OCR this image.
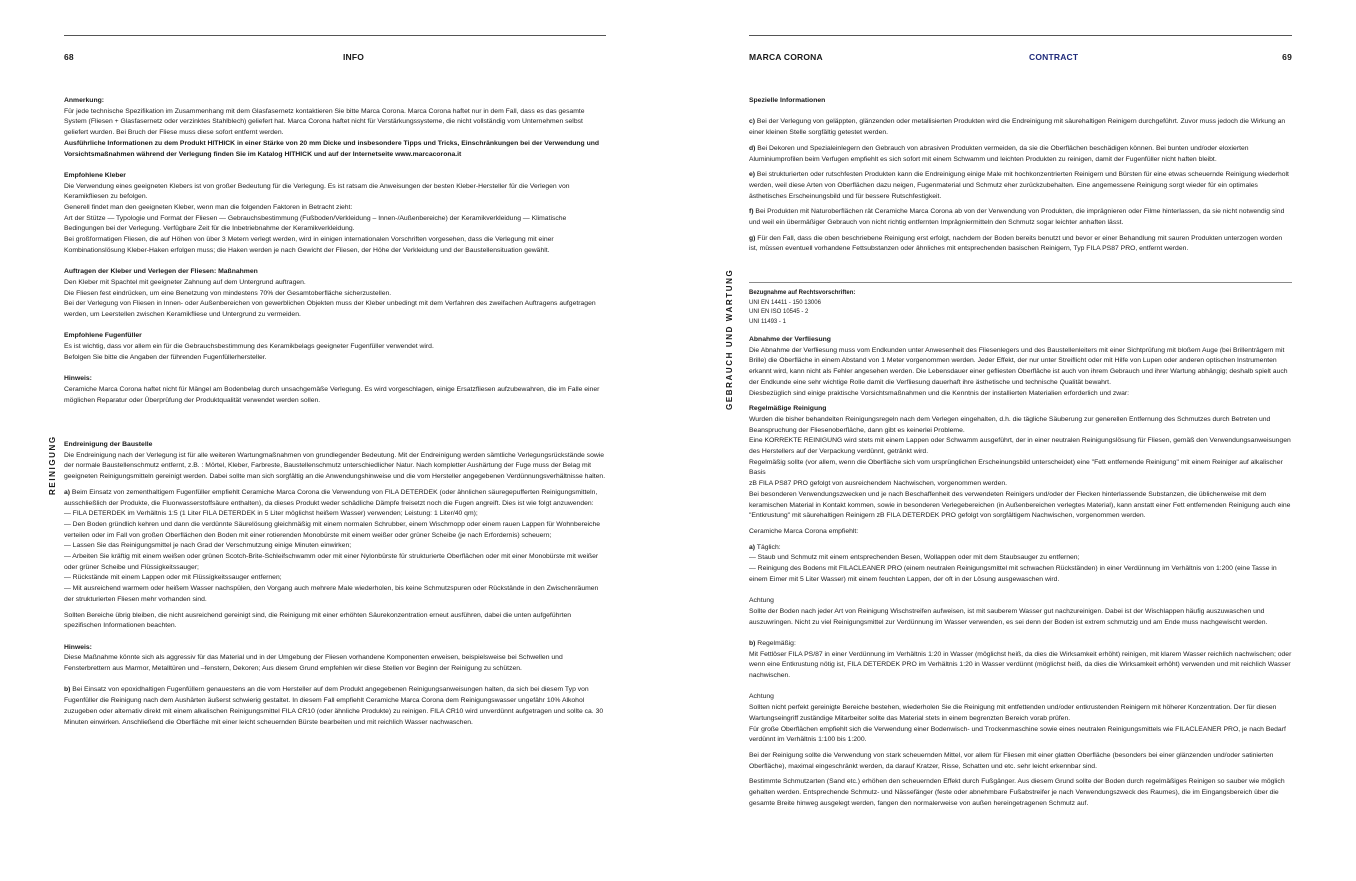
68	INFO

Anmerkung:

Für jede technische Spezifikation im Zusammenhang mit dem Glasfasernetz kontaktieren Sie bitte Marca Corona. Marca Corona haftet nur in dem Fall, dass es das gesamte System (Fliesen + Glasfasernetz oder verzinktes Stahlblech) geliefert hat. Marca Corona haftet nicht für Verstärkungssysteme, die nicht vollständig vom Unternehmen selbst geliefert wurden. Bei Bruch der Fliese muss diese sofort entfernt werden.

Ausführliche Informationen zu dem Produkt HITHICK in einer Stärke von 20 mm Dicke und insbesondere Tipps und Tricks, Einschränkungen bei der Verwendung und Vorsichtsmaßnahmen während der Verlegung finden Sie im Katalog HITHICK und auf der Internetseite www.marcacorona.it

Empfohlene Kleber

Die Verwendung eines geeigneten Klebers ist von großer Bedeutung für die Verlegung. Es ist ratsam die Anweisungen der besten Kleber-Hersteller für die Verlegen von Keramikfliesen zu befolgen.

Generell findet man den geeigneten Kleber, wenn man die folgenden Faktoren in Betracht zieht:

Art der Stütze — Typologie und Format der Fliesen — Gebrauchsbestimmung (Fußboden/Verkleidung – Innen-/Außenbereiche) der Keramikverkleidung — Klimatische Bedingungen bei der Verlegung. Verfügbare Zeit für die Inbetriebnahme der Keramikverkleidung.

Bei großformatigen Fliesen, die auf Höhen von über 3 Metern verlegt werden, wird in einigen internationalen Vorschriften vorgesehen, dass die Verlegung mit einer Kombinationslösung Kleber-Haken erfolgen muss; die Haken werden je nach Gewicht der Fliesen, der Höhe der Verkleidung und der Baustellensituation gewählt.

Auftragen der Kleber und Verlegen der Fliesen: Maßnahmen

Den Kleber mit Spachtel mit geeigneter Zahnung auf dem Untergrund auftragen.

Die Fliesen fest eindrücken, um eine Benetzung von mindestens 70% der Gesamtoberfläche sicherzustellen.

Bei der Verlegung von Fliesen in Innen- oder Außenbereichen von gewerblichen Objekten muss der Kleber unbedingt mit dem Verfahren des zweifachen Auftragens aufgetragen werden, um Leerstellen zwischen Keramikfliese und Untergrund zu vermeiden.

Empfohlene Fugenfüller

Es ist wichtig, dass vor allem ein für die Gebrauchsbestimmung des Keramikbelags geeigneter Fugenfüller verwendet wird.

Befolgen Sie bitte die Angaben der führenden Fugenfüllerhersteller.

Hinweis:

Ceramiche Marca Corona haftet nicht für Mängel am Bodenbelag durch unsachgemäße Verlegung. Es wird vorgeschlagen, einige Ersatzfliesen aufzubewahren, die im Falle einer möglichen Reparatur oder Überprüfung der Produktqualität verwendet werden sollen.

REINIGUNG Endreinigung der Baustelle

Die Endreinigung nach der Verlegung ist für alle weiteren Wartungmaßnahmen von grundlegender Bedeutung. Mit der Endreinigung werden sämtliche Verlegungsrückstände sowie der normale Baustellenschmutz entfernt, z.B. : Mörtel, Kleber, Farbreste, Baustellenschmutz unterschiedlicher Natur. Nach kompletter Aushärtung der Fuge muss der Belag mit geeigneten Reinigungsmitteln gereinigt werden. Dabei sollte man sich sorgfältig an die Anwendungshinweise und die vom Hersteller angegebenen Verdünnungsverhältnisse halten.

a) Beim Einsatz von zementhaltigem Fugenfüller empfiehlt Ceramiche Marca Corona die Verwendung von FILA DETERDEK (oder ähnlichen säuregepufferten Reinigungsmitteln, ausschließlich der Produkte, die Fluorwasserstoffsäure enthalten), da dieses Produkt weder schädliche Dämpfe freisetzt noch die Fugen angreift. Dies ist wie folgt anzuwenden:

— FILA DETERDEK im Verhältnis 1:5 (1 Liter FILA DETERDEK in 5 Liter möglichst heißem Wasser) verwenden; Leistung: 1 Liter/40 qm);

— Den Boden gründlich kehren und dann die verdünnte Säurelösung gleichmäßig mit einem normalen Schrubber, einem Wischmopp oder einem rauen Lappen für Wohnbereiche verteilen oder im Fall von großen Oberflächen den Boden mit einer rotierenden Monobürste mit einem weißer oder grüner Scheibe (je nach Erfordernis) scheuern;

— Lassen Sie das Reinigungsmittel je nach Grad der Verschmutzung einige Minuten einwirken;

— Arbeiten Sie kräftig mit einem weißen oder grünen Scotch-Brite-Schleifschwamm oder mit einer Nylonbürste für strukturierte Oberflächen oder mit einer Monobürste mit weißer oder grüner Scheibe und Flüssigkeitssauger;

— Rückstände mit einem Lappen oder mit Flüssigkeitssauger entfernen;

— Mit ausreichend warmem oder heißem Wasser nachspülen, den Vorgang auch mehrere Male wiederholen, bis keine Schmutzspuren oder Rückstände in den Zwischenräumen der strukturierten Fliesen mehr vorhanden sind.

Sollten Bereiche übrig bleiben, die nicht ausreichend gereinigt sind, die Reinigung mit einer erhöhten Säurekonzentration erneut ausführen, dabei die unten aufgeführten spezifischen Informationen beachten.

Hinweis:

Diese Maßnahme könnte sich als aggressiv für das Material und in der Umgebung der Fliesen vorhandene Komponenten erweisen, beispielsweise bei Schwellen und Fensterbrettern aus Marmor, Metalltüren und –fenstern, Dekoren; Aus diesem Grund empfehlen wir diese Stellen vor Beginn der Reinigung zu schützen.

b) Bei Einsatz von epoxidhaltigen Fugenfüllern genauestens an die vom Hersteller auf dem Produkt angegebenen Reinigungsanweisungen halten, da sich bei diesem Typ von Fugenfüller die Reinigung nach dem Aushärten äußerst schwierig gestaltet. In diesem Fall empfiehlt Ceramiche Marca Corona dem Reinigungswasser ungefähr 10% Alkohol zuzugeben oder alternativ direkt mit einem alkalischen Reinigungsmittel FILA CR10 (oder ähnliche Produkte) zu reinigen. FILA CR10 wird unverdünnt aufgetragen und sollte ca. 30 Minuten einwirken. Anschließend die Oberfläche mit einer leicht scheuernden Bürste bearbeiten und mit reichlich Wasser nachwaschen.

MARCA CORONA	CONTRACT	69

Spezielle Informationen

c) Bei der Verlegung von geläppten, glänzenden oder metallisierten Produkten wird die Endreinigung mit säurehaltigen Reinigern durchgeführt. Zuvor muss jedoch die Wirkung an einer kleinen Stelle sorgfältig getestet werden.

d) Bei Dekoren und Spezialeinlegern den Gebrauch von abrasiven Produkten vermeiden, da sie die Oberflächen beschädigen können. Bei bunten und/oder eloxierten Aluminiumprofilen beim Verfugen empfiehlt es sich sofort mit einem Schwamm und leichten Produkten zu reinigen, damit der Fugenfüller nicht haften bleibt.

e) Bei strukturierten oder rutschfesten Produkten kann die Endreinigung einige Male mit hochkonzentrierten Reinigern und Bürsten für eine etwas scheuernde Reinigung wiederholt werden, weil diese Arten von Oberflächen dazu neigen, Fugenmaterial und Schmutz eher zurückzubehalten. Eine angemessene Reinigung sorgt wieder für ein optimales ästhetisches Erscheinungsbild und für bessere Rutschfestigkeit.

f) Bei Produkten mit Naturoberflächen rät Ceramiche Marca Corona ab von der Verwendung von Produkten, die imprägnieren oder Filme hinterlassen, da sie nicht notwendig sind und weil ein übermäßiger Gebrauch von nicht richtig entfernten Imprägniermitteln den Schmutz sogar leichter anhaften lässt.

g) Für den Fall, dass die oben beschriebene Reinigung erst erfolgt, nachdem der Boden bereits benutzt und bevor er einer Behandlung mit sauren Produkten unterzogen worden ist, müssen eventuell vorhandene Fettsubstanzen oder ähnliches mit entsprechenden basischen Reinigern, Typ FILA PS87 PRO, entfernt werden.

Bezugnahme auf Rechtsvorschriften:

UNI EN 14411 - 150 13006

UNI EN ISO 10545 - 2

UNI 11493 - 1

GEBRAUCH UND WARTUNG Abnahme der Verfliesung

Die Abnahme der Verfliesung muss vom Endkunden unter Anwesenheit des Fliesenlegers und des Baustellenleiters mit einer Sichtprüfung mit bloßem Auge (bei Brillenträgern mit Brille) die Oberfläche in einem Abstand von 1 Meter vorgenommen werden. Jeder Effekt, der nur unter Streiflicht oder mit Hilfe von Lupen oder anderen optischen Instrumenten erkannt wird, kann nicht als Fehler angesehen werden. Die Lebensdauer einer gefliesten Oberfläche ist auch von ihrem Gebrauch und ihrer Wartung abhängig; deshalb spielt auch der Endkunde eine sehr wichtige Rolle damit die Verfliesung dauerhaft ihre ästhetische und technische Qualität bewahrt.

Diesbezüglich sind einige praktische Vorsichtsmaßnahmen und die Kenntnis der installierten Materialien erforderlich und zwar:

Regelmäßige Reinigung

Wurden die bisher behandelten Reinigungsregeln nach dem Verlegen eingehalten, d.h. die tägliche Säuberung zur generellen Entfernung des Schmutzes durch Betreten und Beanspruchung der Fliesenoberfläche, dann gibt es keinerlei Probleme.

Eine KORREKTE REINIGUNG wird stets mit einem Lappen oder Schwamm ausgeführt, der in einer neutralen Reinigungslösung für Fliesen, gemäß den Verwendungsanweisungen des Herstellers auf der Verpackung verdünnt, getränkt wird.

Regelmäßig sollte (vor allem, wenn die Oberfläche sich vom ursprünglichen Erscheinungsbild unterscheidet) eine "Fett entfernende Reinigung" mit einem Reiniger auf alkalischer Basis

zB FILA PS87 PRO gefolgt von ausreichendem Nachwischen, vorgenommen werden.

Bei besonderen Verwendungszwecken und je nach Beschaffenheit des verwendeten Reinigers und/oder der Flecken hinterlassende Substanzen, die üblicherweise mit dem keramischen Material in Kontakt kommen, sowie in besonderen Verlegebereichen (in Außenbereichen verlegtes Material), kann anstatt einer Fett entfernenden Reinigung auch eine "Entkrustung" mit säurehaltigen Reinigern zB FILA DETERDEK PRO gefolgt von sorgfältigem Nachwischen, vorgenommen werden.

Ceramiche Marca Corona empfiehlt:

a) Täglich:

— Staub und Schmutz mit einem entsprechenden Besen, Wollappen oder mit dem Staubsauger zu entfernen;

— Reinigung des Bodens mit FILACLEANER PRO (einem neutralen Reinigungsmittel mit schwachen Rückständen) in einer Verdünnung im Verhältnis von 1:200 (eine Tasse in einem Eimer mit 5 Liter Wasser) mit einem feuchten Lappen, der oft in der Lösung ausgewaschen wird.

Achtung

Sollte der Boden nach jeder Art von Reinigung Wischstreifen aufweisen, ist mit sauberem Wasser gut nachzureinigen. Dabei ist der Wischlappen häufig auszuwaschen und auszuwringen. Nicht zu viel Reinigungsmittel zur Verdünnung im Wasser verwenden, es sei denn der Boden ist extrem schmutzig und am Ende muss nachgewischt werden.

b) Regelmäßig:

Mit Fettlöser FILA PS/87 in einer Verdünnung im Verhältnis 1:20 in Wasser (möglichst heiß, da dies die Wirksamkeit erhöht) reinigen, mit klarem Wasser reichlich nachwischen; oder wenn eine Entkrustung nötig ist, FILA DETERDEK PRO im Verhältnis 1:20 in Wasser verdünnt (möglichst heiß, da dies die Wirksamkeit erhöht) verwenden und mit reichlich Wasser nachwischen.

Achtung

Sollten nicht perfekt gereinigte Bereiche bestehen, wiederholen Sie die Reinigung mit entfettenden und/oder entkrustenden Reinigern mit höherer Konzentration. Der für diesen Wartungseingriff zuständige Mitarbeiter sollte das Material stets in einem begrenzten Bereich vorab prüfen.

Für große Oberflächen empfiehlt sich die Verwendung einer Bodenwisch- und Trockenmaschine sowie eines neutralen Reinigungsmittels wie FILACLEANER PRO, je nach Bedarf verdünnt im Verhältnis 1:100 bis 1:200.

Bei der Reinigung sollte die Verwendung von stark scheuernden Mittel, vor allem für Fliesen mit einer glatten Oberfläche (besonders bei einer glänzenden und/oder satinierten Oberfläche), maximal eingeschränkt werden, da darauf Kratzer, Risse, Schatten und etc. sehr leicht erkennbar sind.

Bestimmte Schmutzarten (Sand etc.) erhöhen den scheuernden Effekt durch Fußgänger. Aus diesem Grund sollte der Boden durch regelmäßiges Reinigen so sauber wie möglich gehalten werden. Entsprechende Schmutz- und Nässefänger (feste oder abnehmbare Fußabstreifer je nach Verwendungszweck des Raumes), die im Eingangsbereich über die gesamte Breite hinweg ausgelegt werden, fangen den normalerweise von außen hereingetragenen Schmutz auf.
